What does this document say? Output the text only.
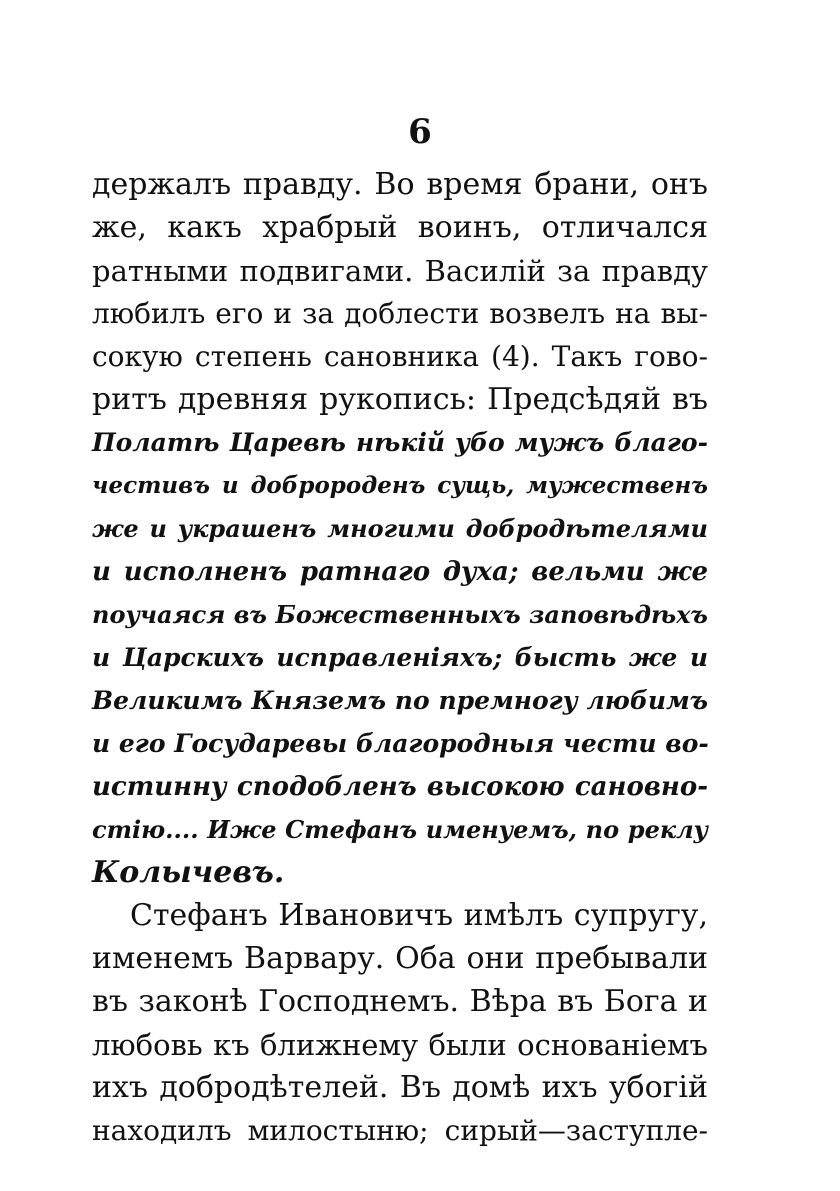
6
держалъ правду. Во время брани, онъ
же, какъ храбрый воинъ, отличался
ратными подвигами. Василій за правду
любилъ его и за доблести возвелъ на вы-
сокую степень сановника (4). Такъ гово-
ритъ древняя рукопись: Предсѣдяй въ
Полатѣ Царевѣ нѣкій убо мужъ благо-
честивъ и добророденъ сущь, мужественъ
же и украшенъ многими добродѣтелями
и исполненъ ратнаго духа; вельми же
поучаяся въ Божественныхъ заповѣдѣхъ
и Царскихъ исправленіяхъ; бысть же и
Великимъ Княземъ по премногу любимъ
и его Государевы благородныя чести во-
истинну сподобленъ высокою сановно-
стію.... Иже Стефанъ именуемъ, по реклу
Колычевъ.
Стефанъ Ивановичъ имѣлъ супругу,
именемъ Варвару. Оба они пребывали
въ законѣ Господнемъ. Вѣра въ Бога и
любовь къ ближнему были основаніемъ
ихъ добродѣтелей. Въ домѣ ихъ убогій
находилъ милостыню; сирый—заступле-
